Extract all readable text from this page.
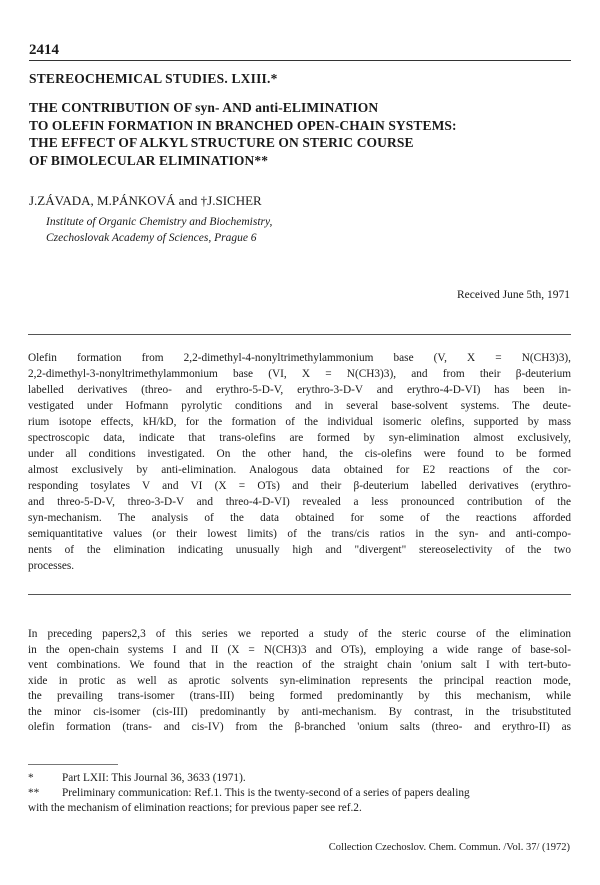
2414
STEREOCHEMICAL STUDIES. LXIII.*
THE CONTRIBUTION OF syn- AND anti-ELIMINATION
TO OLEFIN FORMATION IN BRANCHED OPEN-CHAIN SYSTEMS:
THE EFFECT OF ALKYL STRUCTURE ON STERIC COURSE
OF BIMOLECULAR ELIMINATION**
J.ZÁVADA, M.PÁNKOVÁ and †J.SICHER
Institute of Organic Chemistry and Biochemistry,
Czechoslovak Academy of Sciences, Prague 6
Received June 5th, 1971
Olefin formation from 2,2-dimethyl-4-nonyltrimethylammonium base (V, X = N(CH3)3),
2,2-dimethyl-3-nonyltrimethylammonium base (VI, X = N(CH3)3), and from their β-deuterium
labelled derivatives (threo- and erythro-5-D-V, erythro-3-D-V and erythro-4-D-VI) has been in-
vestigated under Hofmann pyrolytic conditions and in several base-solvent systems. The deute-
rium isotope effects, kH/kD, for the formation of the individual isomeric olefins, supported by mass
spectroscopic data, indicate that trans-olefins are formed by syn-elimination almost exclusively,
under all conditions investigated. On the other hand, the cis-olefins were found to be formed
almost exclusively by anti-elimination. Analogous data obtained for E2 reactions of the cor-
responding tosylates V and VI (X = OTs) and their β-deuterium labelled derivatives (erythro-
and threo-5-D-V, threo-3-D-V and threo-4-D-VI) revealed a less pronounced contribution of the
syn-mechanism. The analysis of the data obtained for some of the reactions afforded
semiquantitative values (or their lowest limits) of the trans/cis ratios in the syn- and anti-compo-
nents of the elimination indicating unusually high and "divergent" stereoselectivity of the two
processes.
In preceding papers2,3 of this series we reported a study of the steric course of the elimination
in the open-chain systems I and II (X = N(CH3)3 and OTs), employing a wide range of base-sol-
vent combinations. We found that in the reaction of the straight chain 'onium salt I with tert-buto-
xide in protic as well as aprotic solvents syn-elimination represents the principal reaction mode,
the prevailing trans-isomer (trans-III) being formed predominantly by this mechanism, while
the minor cis-isomer (cis-III) predominantly by anti-mechanism. By contrast, in the trisubstituted
olefin formation (trans- and cis-IV) from the β-branched 'onium salts (threo- and erythro-II) as
*	Part LXII: This Journal 36, 3633 (1971).
** Preliminary communication: Ref.1. This is the twenty-second of a series of papers dealing
with the mechanism of elimination reactions; for previous paper see ref.2.
Collection Czechoslov. Chem. Commun. /Vol. 37/ (1972)
